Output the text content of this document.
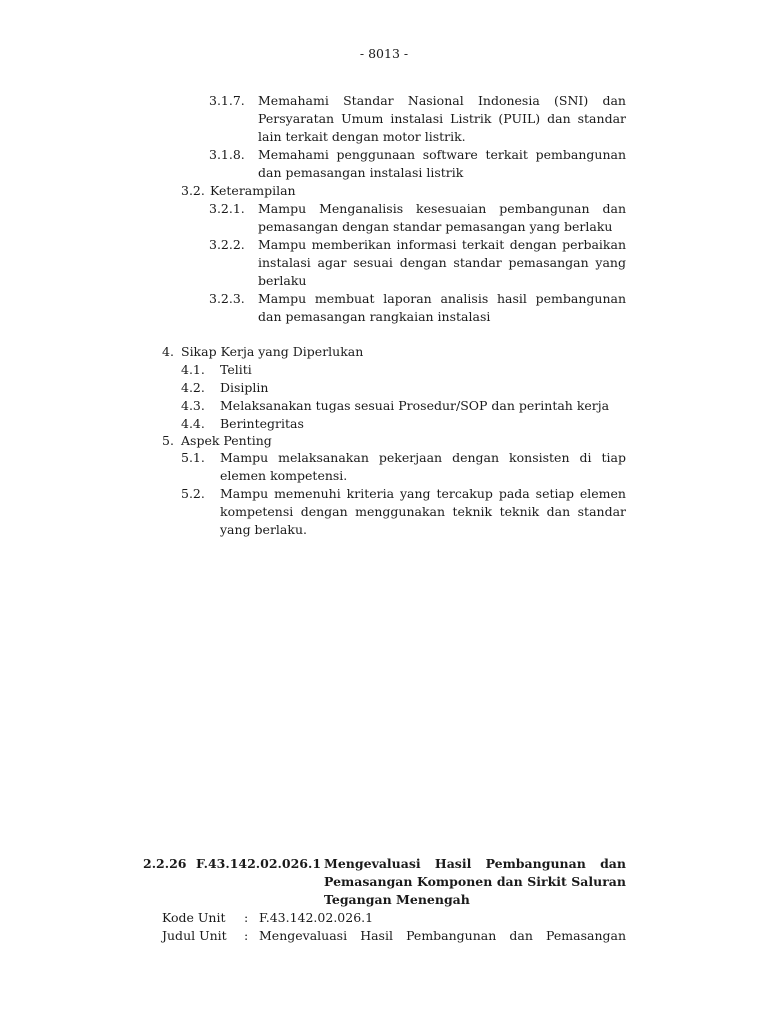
- 8013 -
3.1.7. Memahami Standar Nasional Indonesia (SNI) dan
Persyaratan Umum instalasi Listrik (PUIL) dan standar
lain terkait dengan motor listrik.
3.1.8. Memahami penggunaan software terkait pembangunan
dan pemasangan instalasi listrik
3.2. Keterampilan
3.2.1. Mampu Menganalisis kesesuaian pembangunan dan
pemasangan dengan standar pemasangan yang berlaku
3.2.2. Mampu memberikan informasi terkait dengan perbaikan
instalasi agar sesuai dengan standar pemasangan yang
berlaku
3.2.3. Mampu membuat laporan analisis hasil pembangunan
dan pemasangan rangkaian instalasi
4. Sikap Kerja yang Diperlukan
4.1. Teliti
4.2. Disiplin
4.3. Melaksanakan tugas sesuai Prosedur/SOP dan perintah kerja
4.4. Berintegritas
5. Aspek Penting
5.1. Mampu melaksanakan pekerjaan dengan konsisten di tiap
elemen kompetensi.
5.2. Mampu memenuhi kriteria yang tercakup pada setiap elemen
kompetensi dengan menggunakan teknik teknik dan standar
yang berlaku.
2.2.26 F.43.142.02.026.1 Mengevaluasi Hasil Pembangunan dan
Pemasangan Komponen dan Sirkit Saluran
Tegangan Menengah
Kode Unit : F.43.142.02.026.1
Judul Unit : Mengevaluasi Hasil Pembangunan dan Pemasangan
